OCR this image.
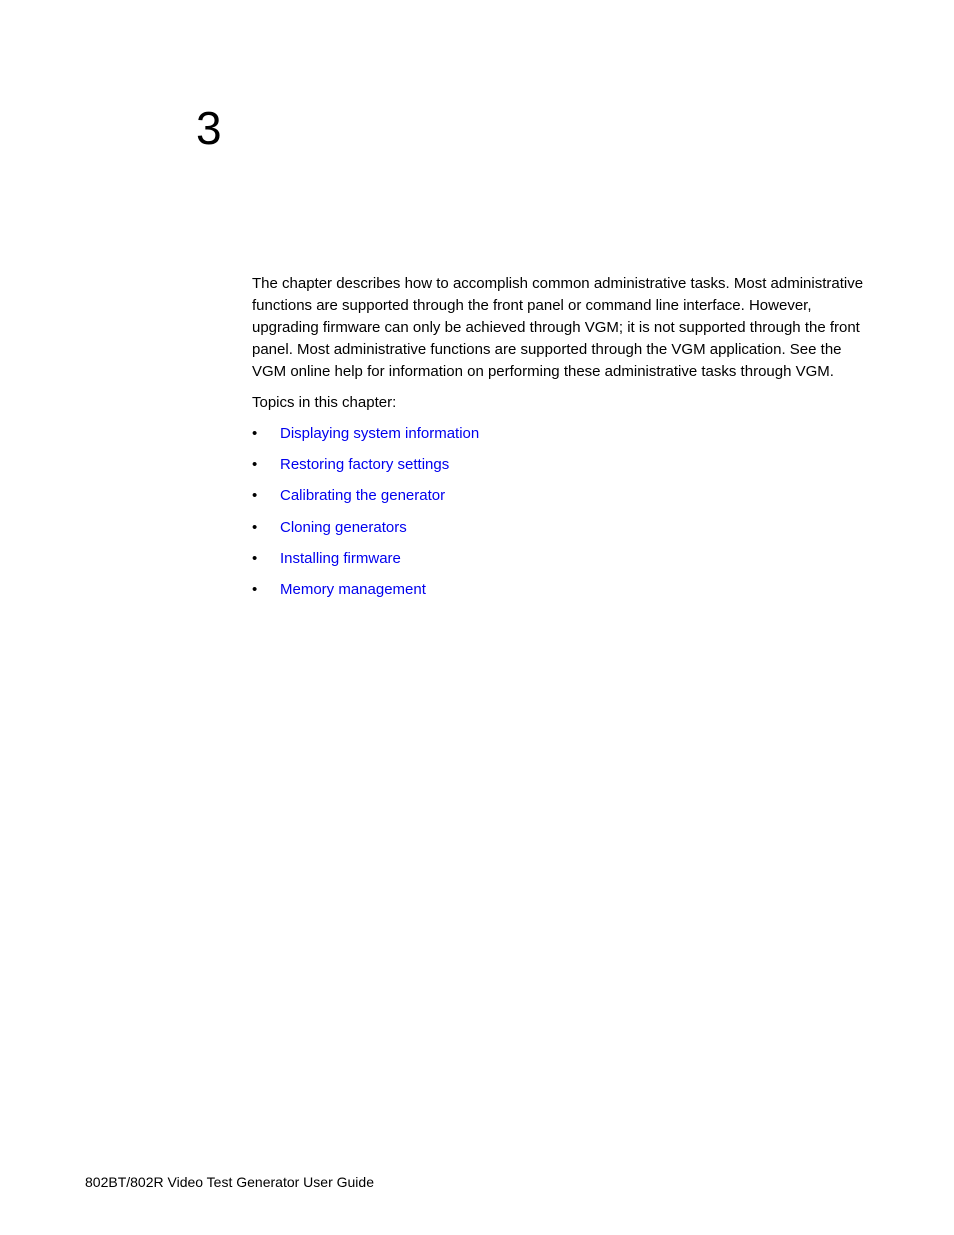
3

The chapter describes how to accomplish common administrative tasks. Most administrative functions are supported through the front panel or command line interface. However, upgrading firmware can only be achieved through VGM; it is not supported through the front panel. Most administrative functions are supported through the VGM application. See the VGM online help for information on performing these administrative tasks through VGM.

Topics in this chapter:

•	Displaying system information
•	Restoring factory settings
•	Calibrating the generator
•	Cloning generators
•	Installing firmware
•	Memory management
802BT/802R Video Test Generator User Guide
